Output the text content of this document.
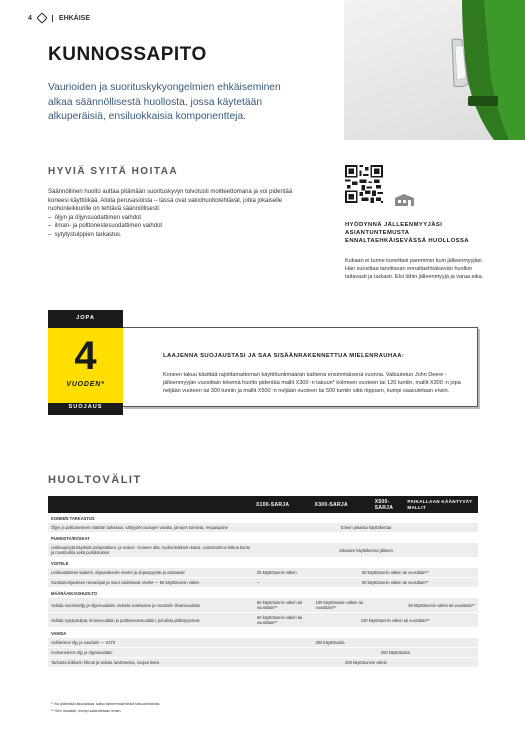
4	EHKÄISE
KUNNOSSAPITO
Vaurioiden ja suorituskykyongelmien ehkäiseminen alkaa säännöllisestä huollosta, jossa käytetään alkuperäisiä, ensiluokkaisia komponentteja.
HYVIÄ SYITÄ HOITAA
Säännöllinen huolto auttaa pitämään suorituskyvyn toivotusti moitteettomana ja voi pidentää koneesi käyttöikää. Aloita perusasioista – tässä ovat vakiohuoltotehtävät, jotka jokaiselle ruohonleikkurille on tehtävä säännöllisesti:
–  öljyn ja öljynsuodattimen vaihdot
–  ilman- ja polttonestesuodattimen vaihdot
–  sytytystulppien tarkastus.
HYÖDYNNÄ JÄLLEENMYYJÄSI ASIANTUNTEMUSTA ENNALTAEHKÄISEVÄSSÄ HUOLLOSSA
Kukaan ei tunne konettasi paremmin kuin jälleenmyyjäsi. Hän suosittaa tarvittavan ennaltaehkäisevän huollon taitavasti ja tarkasti. Etsi lähin jälleenmyyjä ja varaa aika.
JOPA
4
VUODEN*
SUOJAUS
LAAJENNA SUOJAUSTASI JA SAA SISÄÄNRAKENNETTUA MIELENRAUHAA:
Koneen takuu käsittää rajoittamattoman käyttötuntimäärän kahtena ensimmäisenä vuonna. Valtuutetun John Deere -jälleenmyyjän vuosittain tekemä huolto pidentää mallit X300 :n takuun* kolmeen vuoteen tai 120 tuntiin, mallit X300 :n jopa neljään vuoteen tai 300 tuntiin ja mallit X500 :n neljään vuoteen tai 500 tuntiin siitä riippuen, kumpi saavutetaan ensin.
HUOLTOVÄLIT
	X100-SARJA	X300-SARJA	X500-SARJA	PAIKALLAAN KÄÄNTYVÄT MALLIT
KONEEN TARKASTUS				
Öljyn ja polttonesteen määrän tarkastus, vähyydet vuotojen varalta, jarrujen toiminta, rengaspaine	Ennen jokaista käyttökertaa			
PUHDISTA/ROSKAT				
Leikkuupöytä käytöstä poispanttaen, ja roskat – koneen alta, ruohonleikkurin kansi, voimansiirron letkun kunto ja moottoritila sekä puhdistukset	Jokaisen käyttökerran jälkeen			
VOITELE				
Leikkuulaitteen laakerit, ohjausakselin nivelet ja ohjauspyörät ja vastaavat	25 käyttötunnin välein	50 käyttötunnin välein tai vuosittain**		
Sivuttaisohjauksen rasvanipat ja muut voideltavat nivelet — 50 käyttötunnin välein	–	50 käyttötunnin välein tai vuosittain**		
MÄÄRÄAIKAISHUOLTO				
Vaihda moottoriöljy ja öljynsuodatin, tarkista voiteluaine ja moottorin ilmansuodatin	50 käyttötunnin välein tai vuosittain**	100 käyttötunnin välein tai vuosittain**		50 käyttötunnin välein tai vuosittain**
Vaihda sytytystulpat, ilmansuodatin ja polttonestesuodatin; puhdista jäähdytysrivat	50 käyttötunnin välein tai vuosittain**	100 käyttötunnin välein tai vuosittain**		
VAIHDA				
Vaihteiston öljy ja suodatin — X370		200 käyttötuntia		
Voimansiirron öljy ja öljynsuodatin		200 käyttötuntia		
Tarkasta leikkurin hihnat ja vaihda tarvittaessa, suojaa itsesi	200 käyttötunnin välein			
* Voi pidentää takuuaikaa; katso tarkemmat tiedot takuuehdoista.
** Sen mukaan, kumpi saavutetaan ensin.
